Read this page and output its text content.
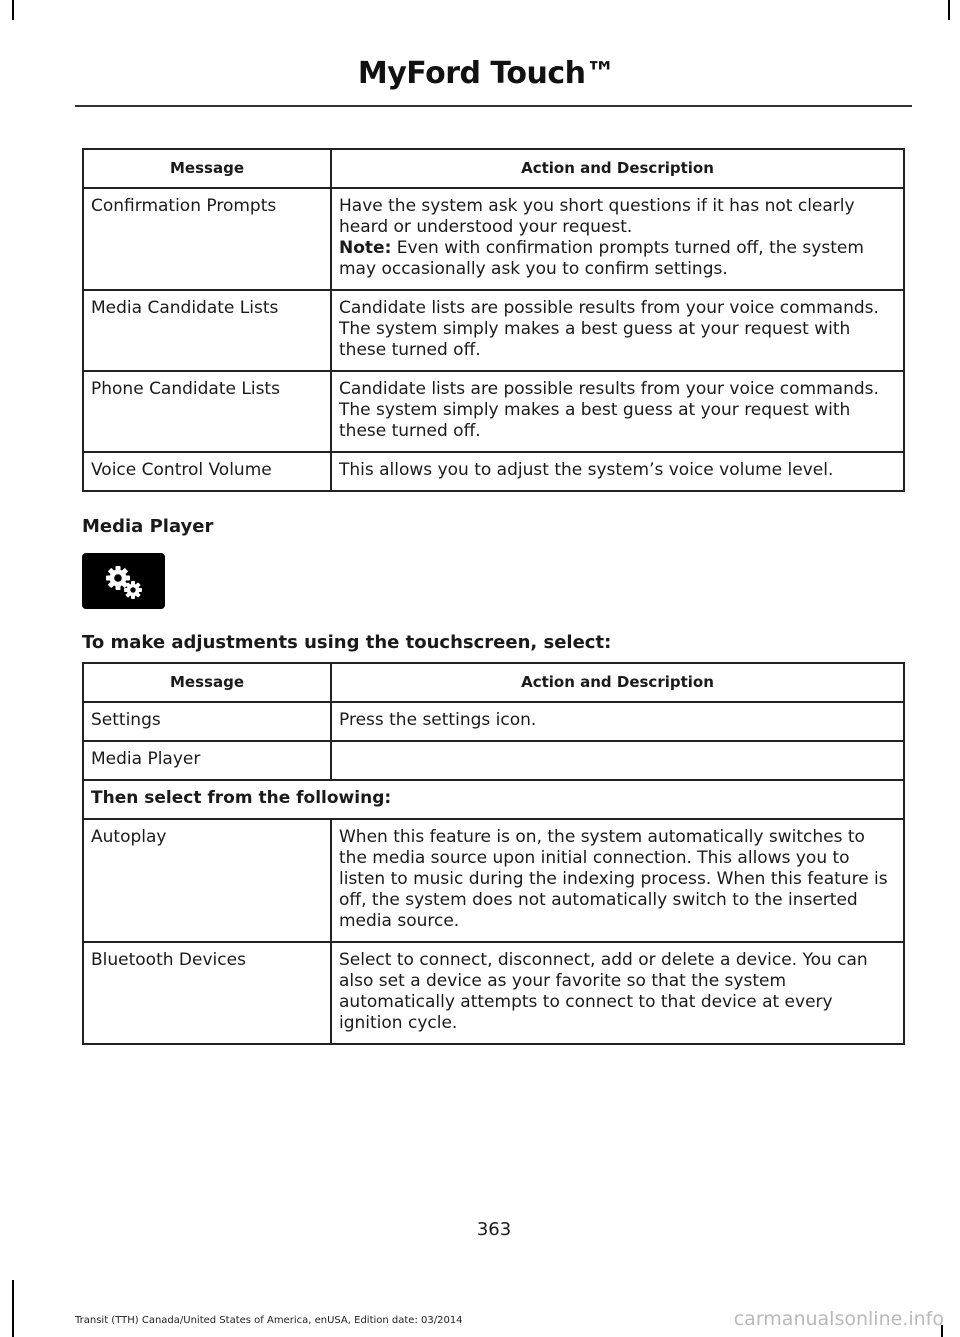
MyFord Touch™
Message	Action and Description
Confirmation Prompts	Have the system ask you short questions if it has not clearly heard or understood your request.
Note: Even with confirmation prompts turned off, the system may occasionally ask you to confirm settings.
Media Candidate Lists	Candidate lists are possible results from your voice commands. The system simply makes a best guess at your request with these turned off.
Phone Candidate Lists	Candidate lists are possible results from your voice commands. The system simply makes a best guess at your request with these turned off.
Voice Control Volume	This allows you to adjust the system’s voice volume level.
Media Player
To make adjustments using the touchscreen, select:
Message	Action and Description
Settings	Press the settings icon.
Media Player	
Then select from the following:	
Autoplay	When this feature is on, the system automatically switches to the media source upon initial connection. This allows you to listen to music during the indexing process. When this feature is off, the system does not automatically switch to the inserted media source.
Bluetooth Devices	Select to connect, disconnect, add or delete a device. You can also set a device as your favorite so that the system automatically attempts to connect to that device at every ignition cycle.
363
Transit (TTH) Canada/United States of America, enUSA, Edition date: 03/2014	carmanualsonline.info
